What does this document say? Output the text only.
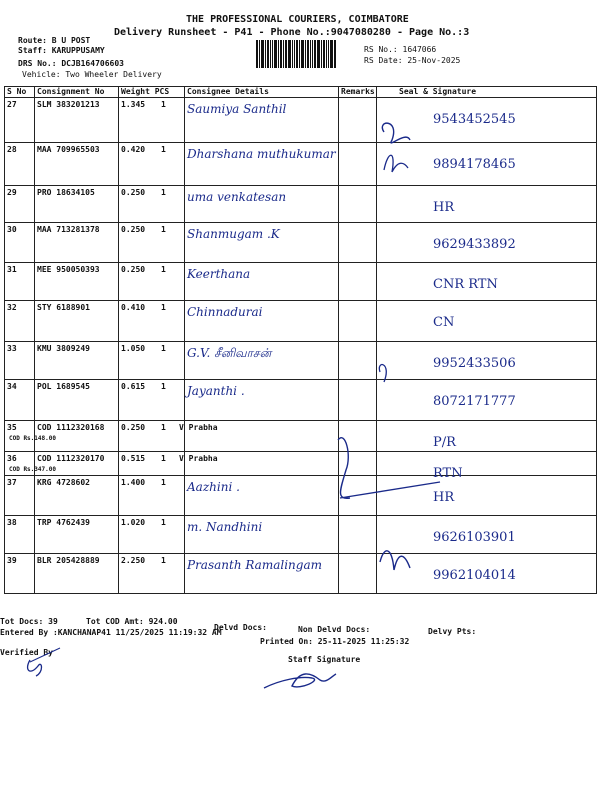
THE PROFESSIONAL COURIERS, COIMBATORE
Delivery Runsheet - P41 - Phone No.:9047080280 - Page No.:3
Route: B U POST
Staff: KARUPPUSAMY
DRS No.: DCJB164706603
Vehicle: Two Wheeler Delivery
RS No.: 1647066
RS Date: 25-Nov-2025
S No	Consignment No	Weight PCS	Consignee Details	Remarks	Seal & Signature
27	SLM 383201213	1.345 1	Saumiya Santhil		9543452545

28	MAA 709965503	0.420 1	Dharshana muthukumar		9894178465

29	PRO 18634105	0.250 1	uma venkatesan		HR

30	MAA 713281378	0.250 1	Shanmugam .K		9629433892

31	MEE 950050393	0.250 1	Keerthana		CNR RTN

32	STY 6188901	0.410 1	Chinnadurai		CN

33	KMU 3809249	1.050 1	G.V. சீனிவாசன்		9952433506

34	POL 1689545	0.615 1	Jayanthi .		8072171777

35	COD 1112320168
COD Rs.148.00	0.250 1	V Prabha		P/R

36	COD 1112320170
COD Rs.347.00	0.515 1	V Prabha		RTN

37	KRG 4728602	1.400 1	Aazhini .		HR

38	TRP 4762439	1.020 1	m. Nandhini		9626103901

39	BLR 205428889	2.250 1	Prasanth Ramalingam		9962104014
Tot Docs: 39	Tot COD Amt: 924.00
Delvd Docs:	Non Delvd Docs:	Delvy Pts:
Entered By :KANCHANAP41 11/25/2025 11:19:32 AM
Printed On: 25-11-2025 11:25:32
Verified By
Staff Signature
